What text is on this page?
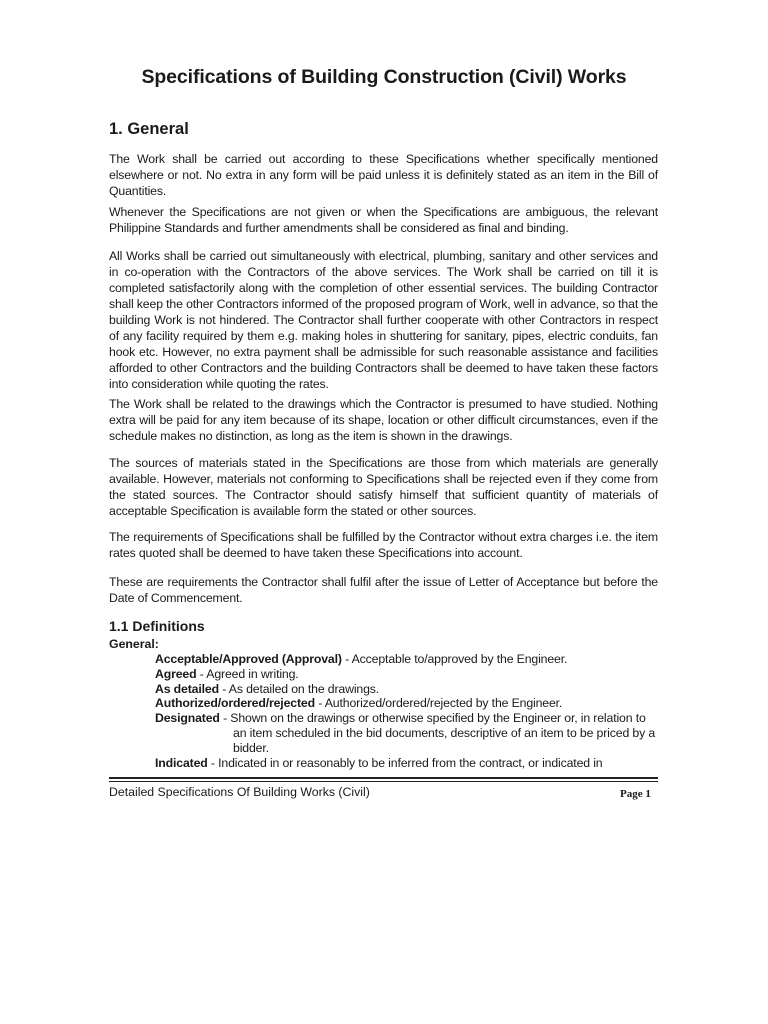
Specifications of Building Construction (Civil) Works
1. General

The Work shall be carried out according to these Specifications whether specifically mentioned elsewhere or not. No extra in any form will be paid unless it is definitely stated as an item in the Bill of Quantities.

Whenever the Specifications are not given or when the Specifications are ambiguous, the relevant Philippine Standards and further amendments shall be considered as final and binding.

All Works shall be carried out simultaneously with electrical, plumbing, sanitary and other services and in co-operation with the Contractors of the above services. The Work shall be carried on till it is completed satisfactorily along with the completion of other essential services. The building Contractor shall keep the other Contractors informed of the proposed program of Work, well in advance, so that the building Work is not hindered. The Contractor shall further cooperate with other Contractors in respect of any facility required by them e.g. making holes in shuttering for sanitary, pipes, electric conduits, fan hook etc. However, no extra payment shall be admissible for such reasonable assistance and facilities afforded to other Contractors and the building Contractors shall be deemed to have taken these factors into consideration while quoting the rates.

The Work shall be related to the drawings which the Contractor is presumed to have studied. Nothing extra will be paid for any item because of its shape, location or other difficult circumstances, even if the schedule makes no distinction, as long as the item is shown in the drawings.

The sources of materials stated in the Specifications are those from which materials are generally available. However, materials not conforming to Specifications shall be rejected even if they come from the stated sources. The Contractor should satisfy himself that sufficient quantity of materials of acceptable Specification is available form the stated or other sources.

The requirements of Specifications shall be fulfilled by the Contractor without extra charges i.e. the item rates quoted shall be deemed to have taken these Specifications into account.

These are requirements the Contractor shall fulfil after the issue of Letter of Acceptance but before the Date of Commencement.

1.1 Definitions

General:

Acceptable/Approved (Approval) - Acceptable to/approved by the Engineer.

Agreed - Agreed in writing.

As detailed - As detailed on the drawings.

Authorized/ordered/rejected - Authorized/ordered/rejected by the Engineer.

Designated - Shown on the drawings or otherwise specified by the Engineer or, in relation to an item scheduled in the bid documents, descriptive of an item to be priced by a bidder.

Indicated - Indicated in or reasonably to be inferred from the contract, or indicated in

Detailed Specifications Of Building Works (Civil)	Page 1
